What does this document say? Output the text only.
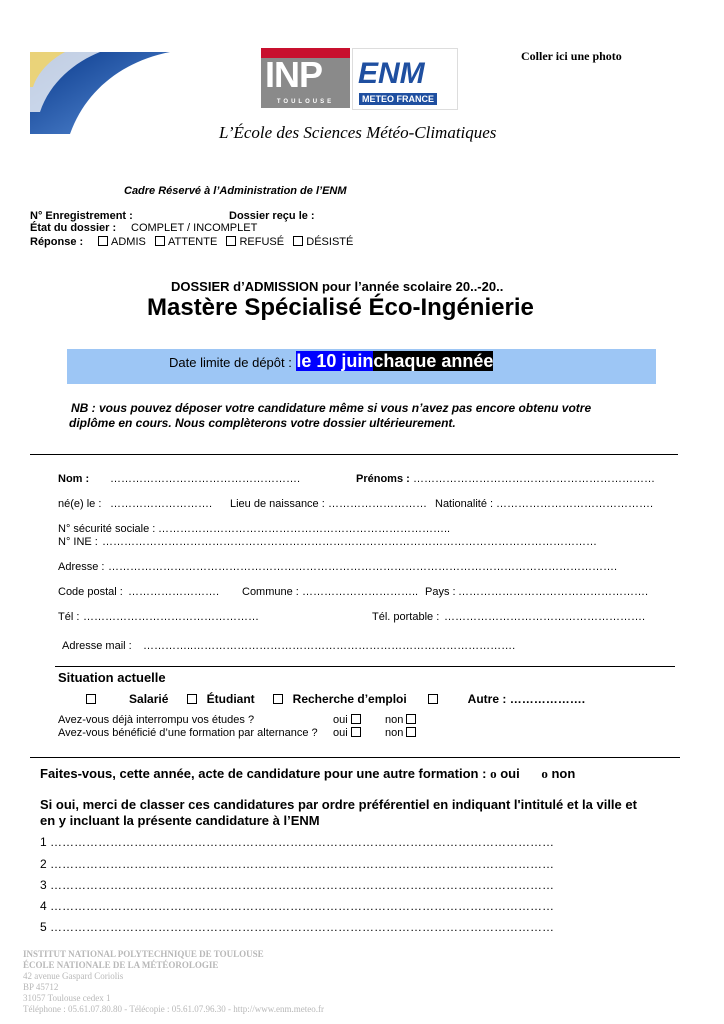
INP
TOULOUSE
ENM
METEO FRANCE
Coller ici une photo
L’École des Sciences Météo-Climatiques
Cadre Réservé à l’Administration de l’ENM
N° Enregistrement :	Dossier reçu le :
État du dossier : COMPLET / INCOMPLET
Réponse :	ADMIS ATTENTE REFUSÉ DÉSISTÉ
DOSSIER d’ADMISSION pour l’année scolaire 20..-20..
Mastère Spécialisé Éco-Ingénierie
Date limite de dépôt : le 10 juinchaque année
NB : vous pouvez déposer votre candidature même si vous n’avez pas encore obtenu votre
diplôme en cours. Nous complèterons votre dossier ultérieurement.
Nom : …………………………………………….	Prénoms : …………………………………………………………
né(e) le : ………………………. Lieu de naissance : ……………………… Nationalité : …………………………………….
N° sécurité sociale : ……………………………………………………………………..
N° INE : ………………………………………………………………………………………………………………………
Adresse : ………………………………………………………………………………………………………………………….
Code postal : ……………………. Commune : ………………………….. Pays : …………………………………………….
Tél : …………………………………………	Tél. portable : ……………………………………………….
Adresse mail : …………..…………………………………………………………………………….
Situation actuelle
Salarié	Étudiant	Recherche d’emploi	Autre : ……………….
Avez-vous déjà interrompu vos études ?	oui	non
Avez-vous bénéficié d’une formation par alternance ? oui	non
Faites-vous, cette année, acte de candidature pour une autre formation : o oui o non
Si oui, merci de classer ces candidatures par ordre préférentiel en indiquant l'intitulé et la ville et
en y incluant la présente candidature à l’ENM
1 ………………………………………………………………………………………………………………
2 ………………………………………………………………………………………………………………
3 ………………………………………………………………………………………………………………
4 ………………………………………………………………………………………………………………
5 ………………………………………………………………………………………………………………
INSTITUT NATIONAL POLYTECHNIQUE DE TOULOUSE
ÉCOLE NATIONALE DE LA MÉTÉOROLOGIE
42 avenue Gaspard Coriolis
BP 45712
31057 Toulouse cedex 1
Téléphone : 05.61.07.80.80 - Télécopie : 05.61.07.96.30 - http://www.enm.meteo.fr
